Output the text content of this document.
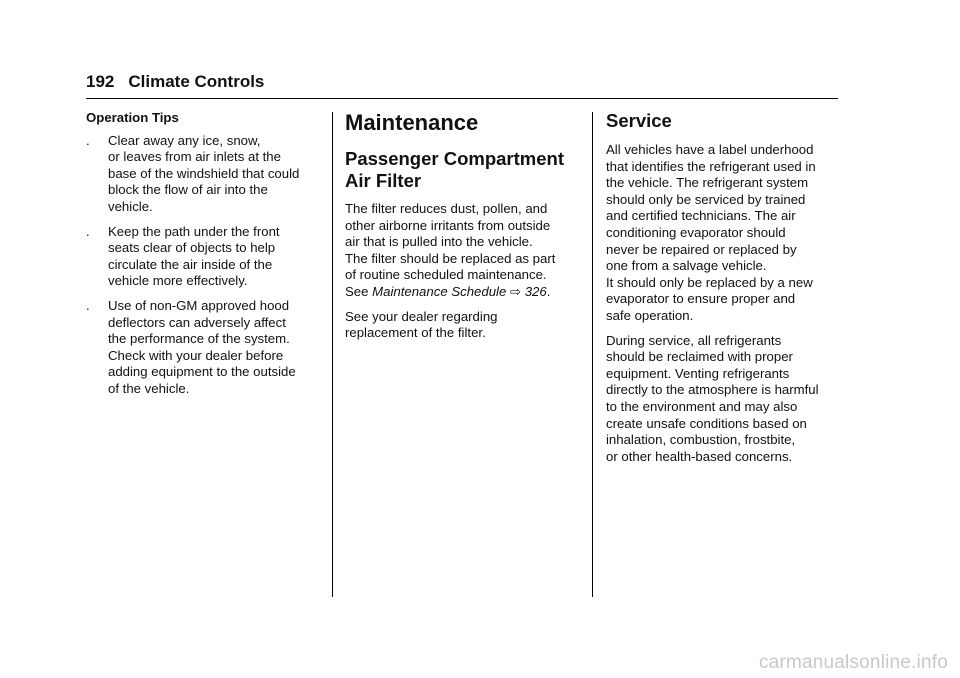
192 Climate Controls
Operation Tips
.	Clear away any ice, snow,
or leaves from air inlets at the
base of the windshield that could
block the flow of air into the
vehicle.
.	Keep the path under the front
seats clear of objects to help
circulate the air inside of the
vehicle more effectively.
.	Use of non-GM approved hood
deflectors can adversely affect
the performance of the system.
Check with your dealer before
adding equipment to the outside
of the vehicle.
Maintenance
Passenger Compartment
Air Filter
The filter reduces dust, pollen, and
other airborne irritants from outside
air that is pulled into the vehicle.
The filter should be replaced as part
of routine scheduled maintenance.
See Maintenance Schedule ⇨ 326.
See your dealer regarding
replacement of the filter.
Service
All vehicles have a label underhood
that identifies the refrigerant used in
the vehicle. The refrigerant system
should only be serviced by trained
and certified technicians. The air
conditioning evaporator should
never be repaired or replaced by
one from a salvage vehicle.
It should only be replaced by a new
evaporator to ensure proper and
safe operation.
During service, all refrigerants
should be reclaimed with proper
equipment. Venting refrigerants
directly to the atmosphere is harmful
to the environment and may also
create unsafe conditions based on
inhalation, combustion, frostbite,
or other health-based concerns.
carmanualsonline.info
